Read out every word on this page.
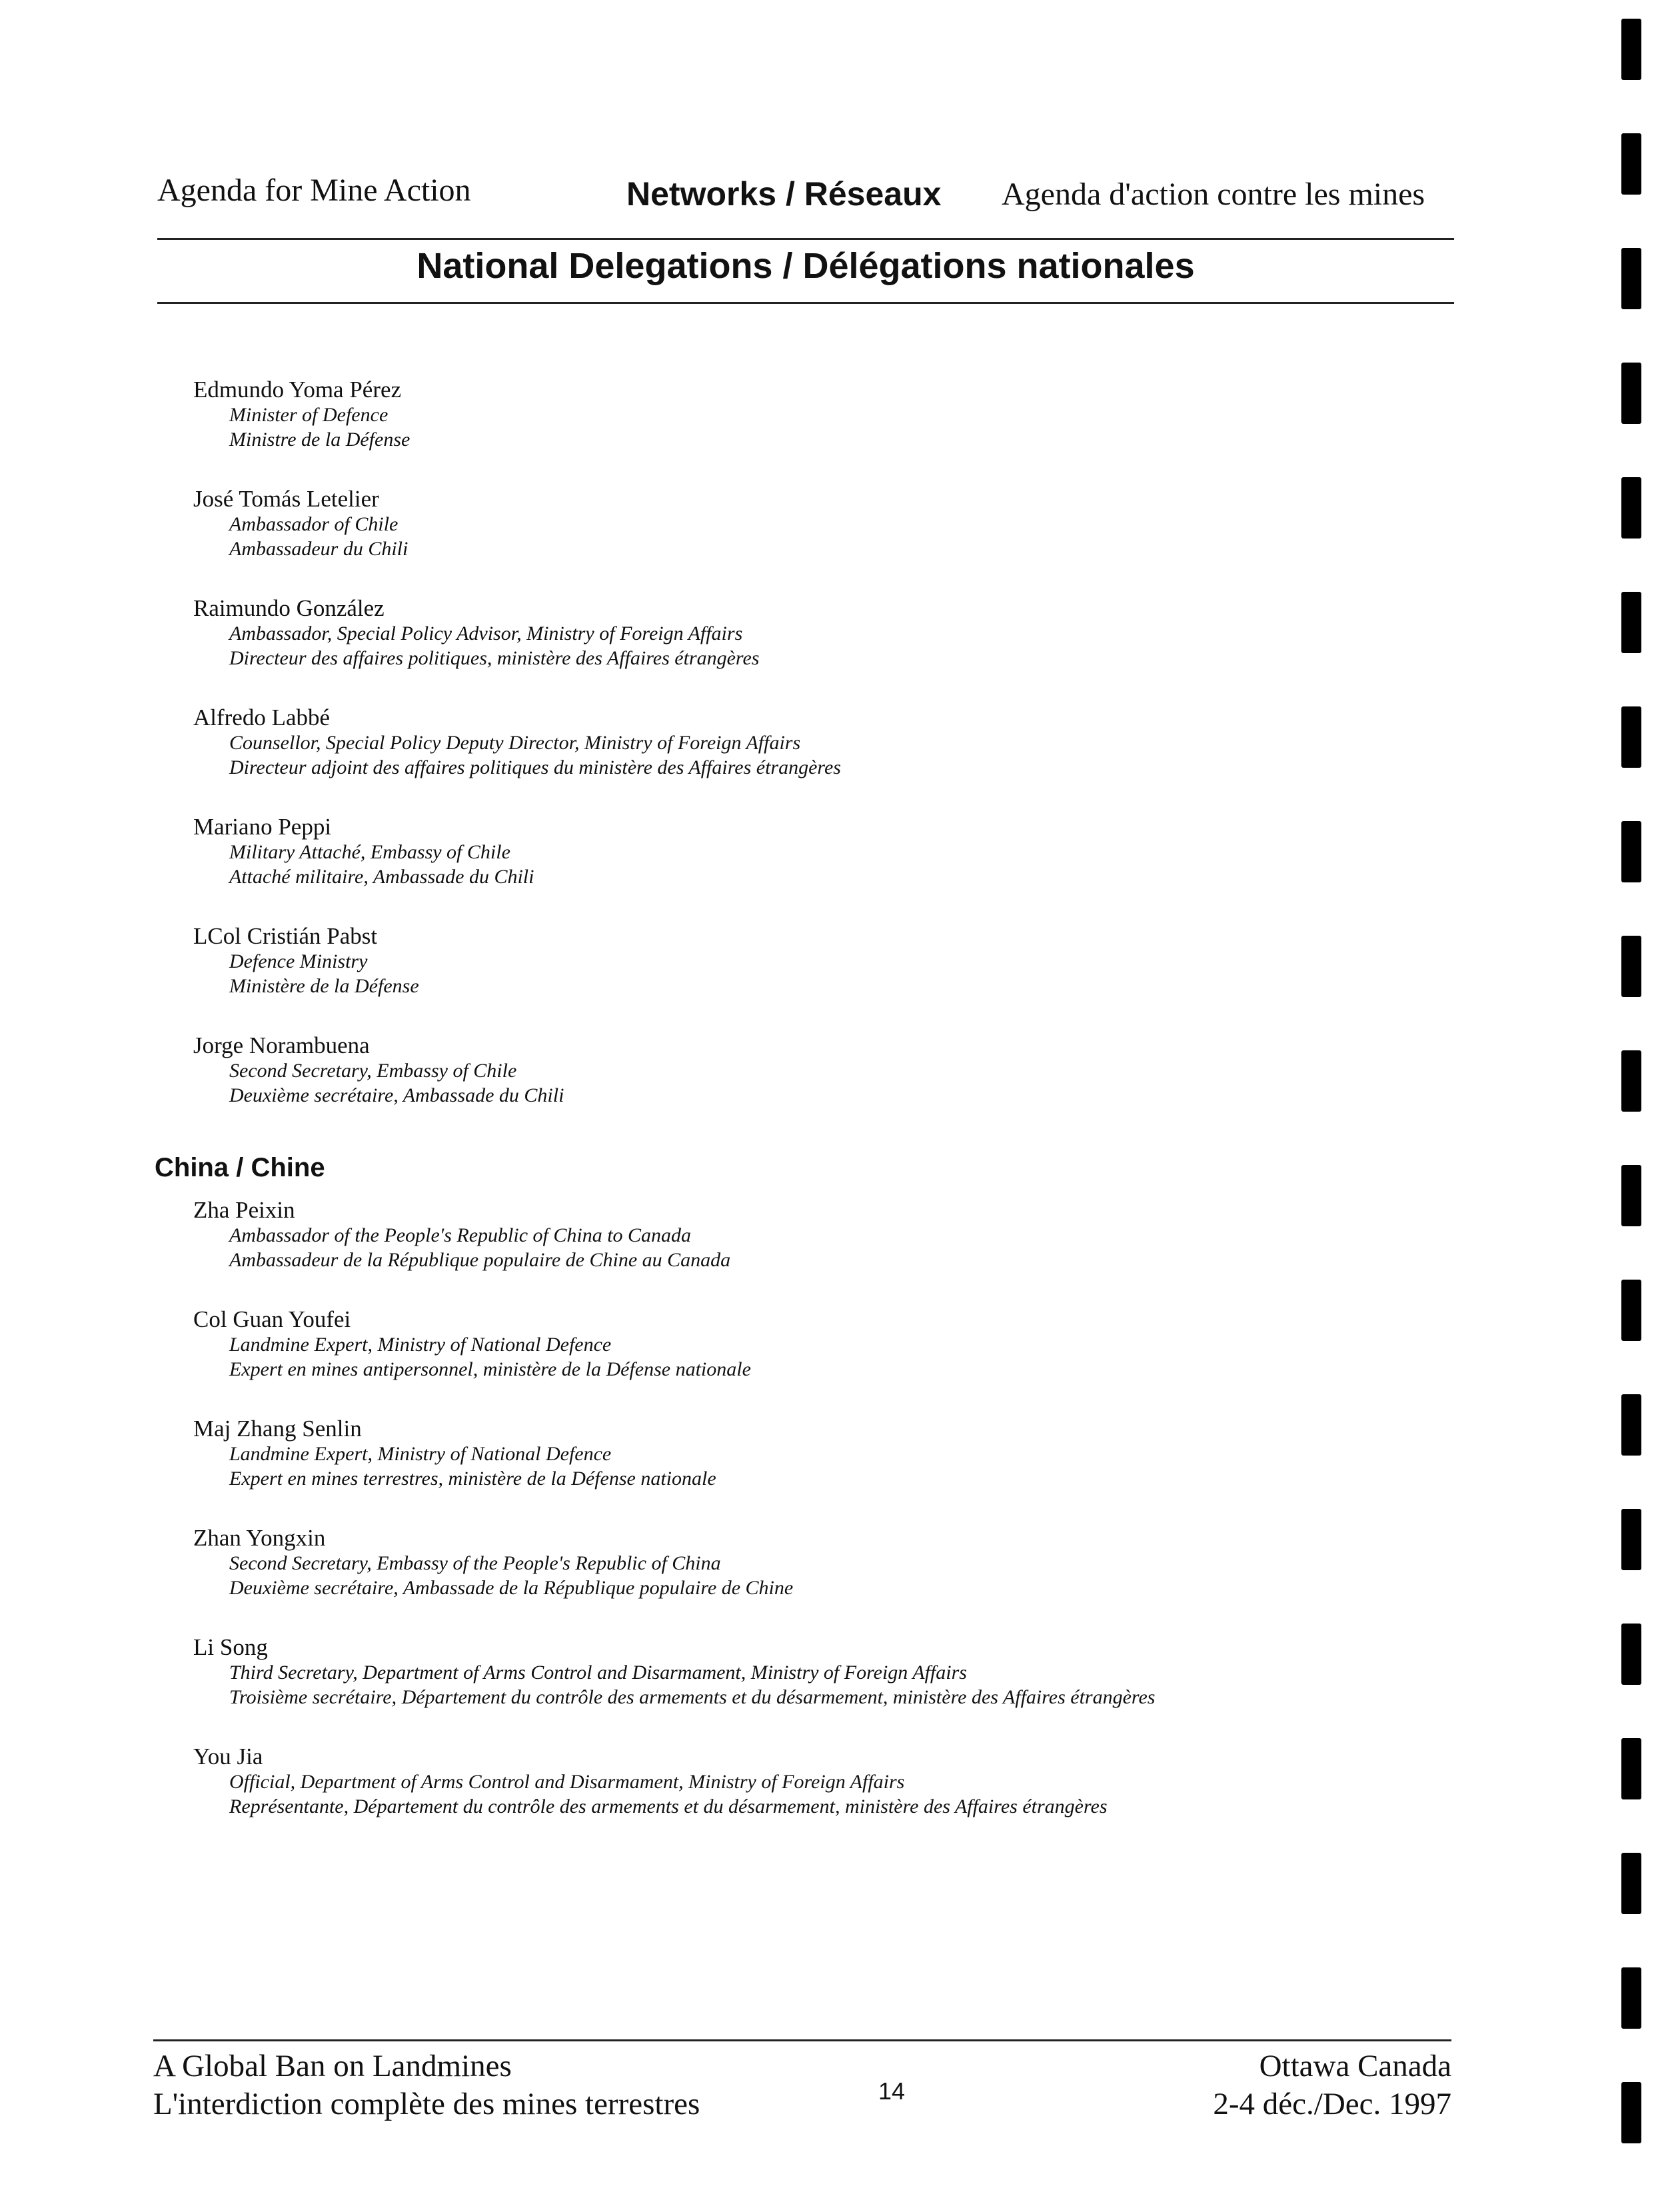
Agenda for Mine Action	Networks / Réseaux Agenda d'action contre les mines
National Delegations / Délégations nationales
Edmundo Yoma Pérez
Minister of Defence
Ministre de la Défense
José Tomás Letelier
Ambassador of Chile
Ambassadeur du Chili
Raimundo González
Ambassador, Special Policy Advisor, Ministry of Foreign Affairs
Directeur des affaires politiques, ministère des Affaires étrangères
Alfredo Labbé
Counsellor, Special Policy Deputy Director, Ministry of Foreign Affairs
Directeur adjoint des affaires politiques du ministère des Affaires étrangères
Mariano Peppi
Military Attaché, Embassy of Chile
Attaché militaire, Ambassade du Chili
LCol Cristián Pabst
Defence Ministry
Ministère de la Défense
Jorge Norambuena
Second Secretary, Embassy of Chile
Deuxième secrétaire, Ambassade du Chili
China / Chine
Zha Peixin
Ambassador of the People's Republic of China to Canada
Ambassadeur de la République populaire de Chine au Canada
Col Guan Youfei
Landmine Expert, Ministry of National Defence
Expert en mines antipersonnel, ministère de la Défense nationale
Maj Zhang Senlin
Landmine Expert, Ministry of National Defence
Expert en mines terrestres, ministère de la Défense nationale
Zhan Yongxin
Second Secretary, Embassy of the People's Republic of China
Deuxième secrétaire, Ambassade de la République populaire de Chine
Li Song
Third Secretary, Department of Arms Control and Disarmament, Ministry of Foreign Affairs
Troisième secrétaire, Département du contrôle des armements et du désarmement, ministère des Affaires étrangères
You Jia
Official, Department of Arms Control and Disarmament, Ministry of Foreign Affairs
Représentante, Département du contrôle des armements et du désarmement, ministère des Affaires étrangères
A Global Ban on Landmines
L'interdiction complète des mines terrestres	14
Ottawa Canada
2-4 déc./Dec. 1997
